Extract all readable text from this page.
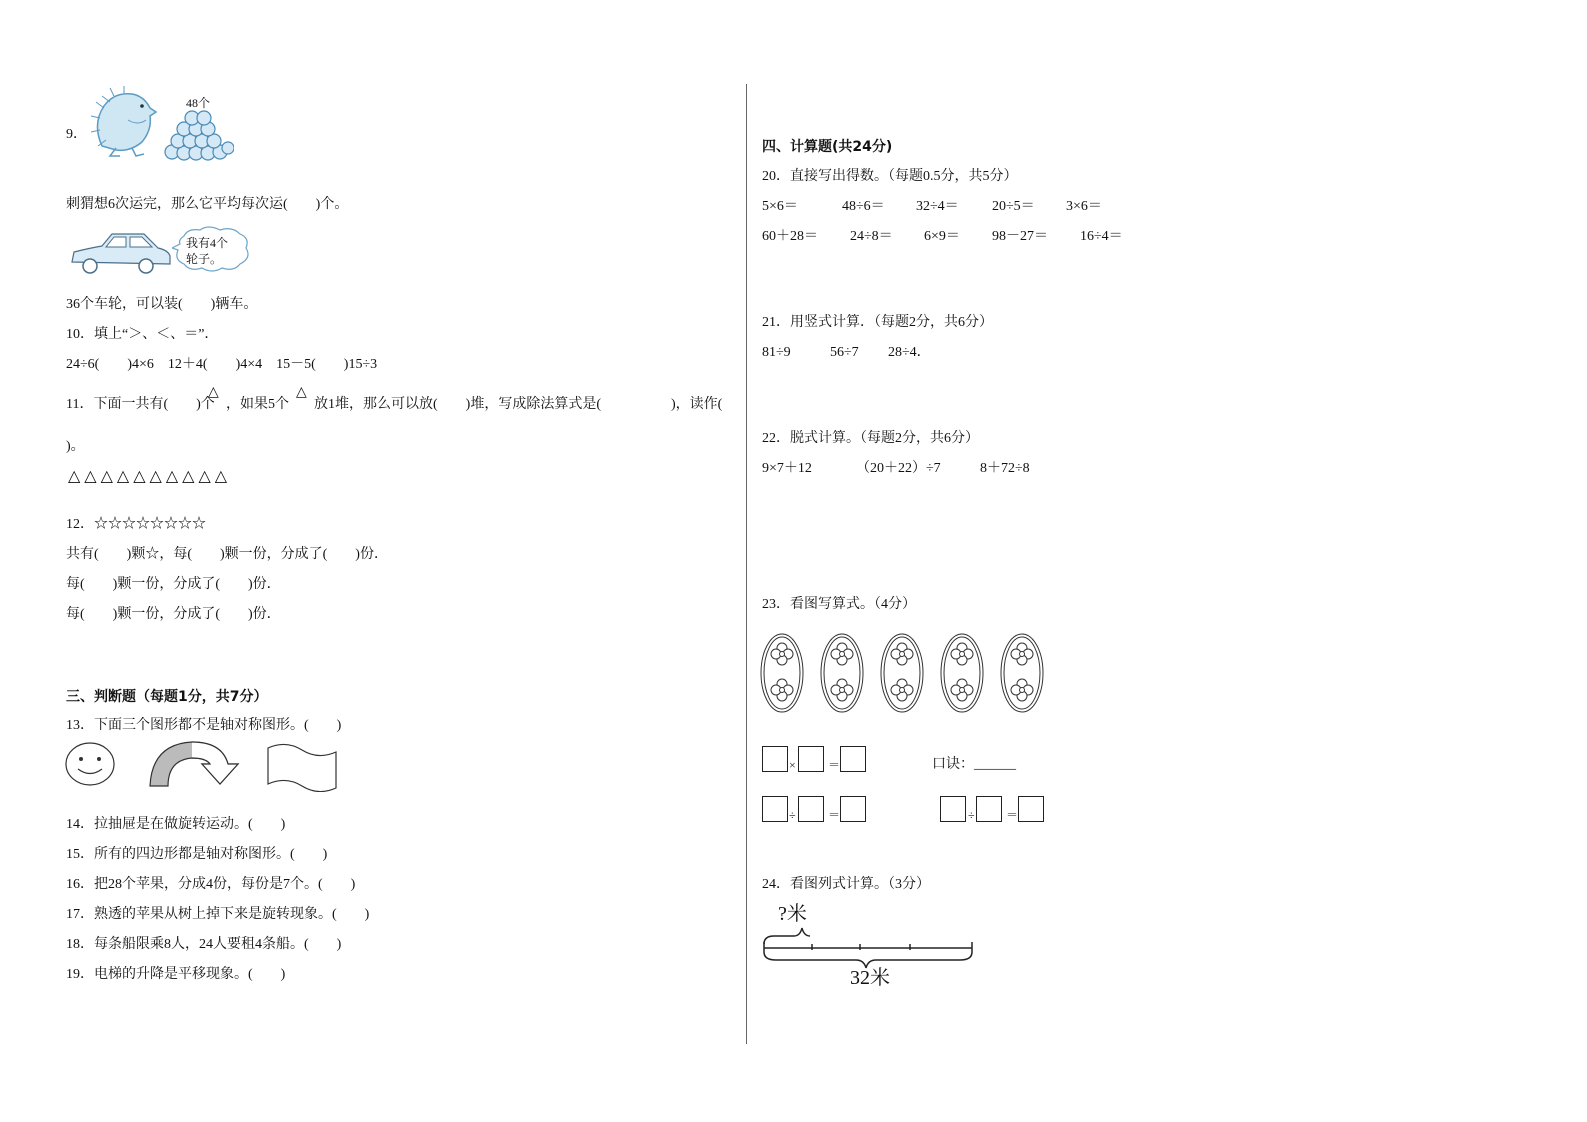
9．
48个
刺猬想6次运完，那么它平均每次运(　　)个。
我有4个
轮子。
36个车轮，可以装(　　)辆车。
10．填上“＞、＜、＝”．
24÷6(　　)4×6　12＋4(　　)4×4　15－5(　　)15÷3
11．下面一共有(　　)个
△
，如果5个
△
放1堆，那么可以放(　　)堆，写成除法算式是(　　　　　)，读作(
)。
△ △ △ △ △ △ △ △ △ △
12．☆☆☆☆☆☆☆☆
共有(　　)颗☆，每(　　)颗一份，分成了(　　)份．
每(　　)颗一份，分成了(　　)份．
每(　　)颗一份，分成了(　　)份．
三、判断题（每题1分，共7分）
13．下面三个图形都不是轴对称图形。(　　)
14．拉抽屉是在做旋转运动。(　　)
15．所有的四边形都是轴对称图形。(　　)
16．把28个苹果，分成4份，每份是7个。(　　)
17．熟透的苹果从树上掉下来是旋转现象。(　　)
18．每条船限乘8人，24人要租4条船。(　　)
19．电梯的升降是平移现象。(　　)
四、计算题(共24分)
20．直接写出得数。（每题0.5分，共5分）
5×6＝	48÷6＝ 32÷4＝ 20÷5＝ 3×6＝
60＋28＝ 24÷8＝ 6×9＝ 98－27＝ 16÷4＝
21．用竖式计算．（每题2分，共6分）
81÷9	56÷7 28÷4．
22．脱式计算。（每题2分，共6分）
9×7＋12	（20＋22）÷7	8＋72÷8
23．看图写算式。（4分）
×	＝	口诀：______
÷	＝	÷	＝
24．看图列式计算。（3分）
?米
32米
